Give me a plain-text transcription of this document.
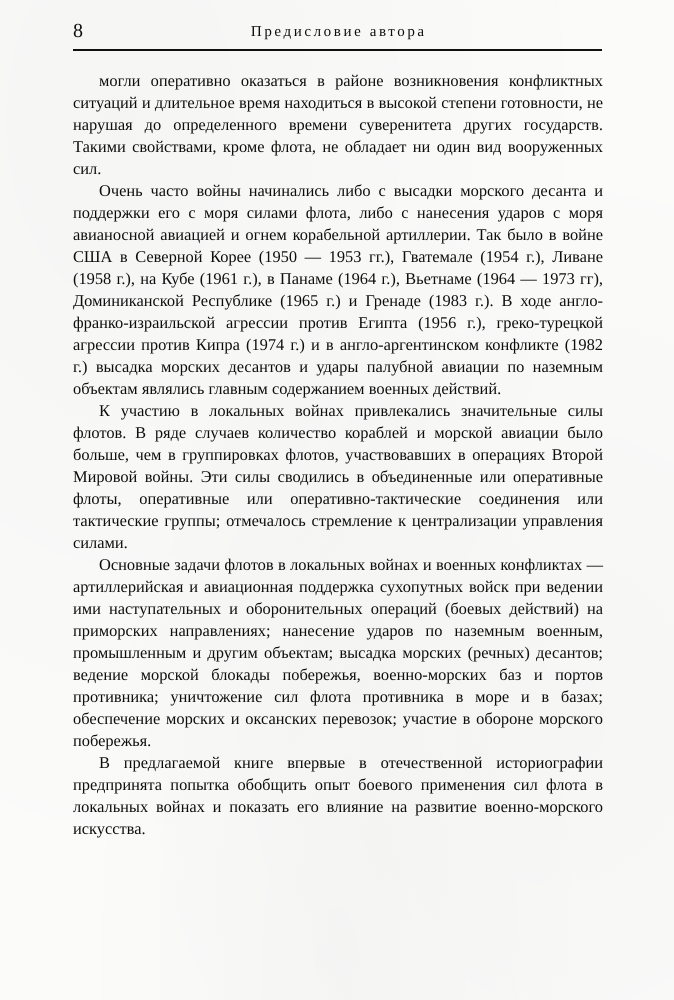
8	Предисловие автора

могли оперативно оказаться в районе возникновения конфликтных ситуаций и длительное время находиться в высокой степени готовности, не нарушая до определенного времени суверенитета других государств. Такими свойствами, кроме флота, не обладает ни один вид вооруженных сил.

Очень часто войны начинались либо с высадки морского десанта и поддержки его с моря силами флота, либо с нанесения ударов с моря авианосной авиацией и огнем корабельной артиллерии. Так было в войне США в Северной Корее (1950 — 1953 гг.), Гватемале (1954 г.), Ливане (1958 г.), на Кубе (1961 г.), в Панаме (1964 г.), Вьетнаме (1964 — 1973 гг), Доминиканской Республике (1965 г.) и Гренаде (1983 г.). В ходе англо-франко-израильской агрессии против Египта (1956 г.), греко-турецкой агрессии против Кипра (1974 г.) и в англо-аргентинском конфликте (1982 г.) высадка морских десантов и удары палубной авиации по наземным объектам являлись главным содержанием военных действий.

К участию в локальных войнах привлекались значительные силы флотов. В ряде случаев количество кораблей и морской авиации было больше, чем в группировках флотов, участвовавших в операциях Второй Мировой войны. Эти силы сводились в объединенные или оперативные флоты, оперативные или оперативно-тактические соединения или тактические группы; отмечалось стремление к централизации управления силами.

Основные задачи флотов в локальных войнах и военных конфликтах — артиллерийская и авиационная поддержка сухопутных войск при ведении ими наступательных и оборонительных операций (боевых действий) на приморских направлениях; нанесение ударов по наземным военным, промышленным и другим объектам; высадка морских (речных) десантов; ведение морской блокады побережья, военно-морских баз и портов противника; уничтожение сил флота противника в море и в базах; обеспечение морских и оксанских перевозок; участие в обороне морского побережья.

В предлагаемой книге впервые в отечественной историографии предпринята попытка обобщить опыт боевого применения сил флота в локальных войнах и показать его влияние на развитие военно-морского искусства.
